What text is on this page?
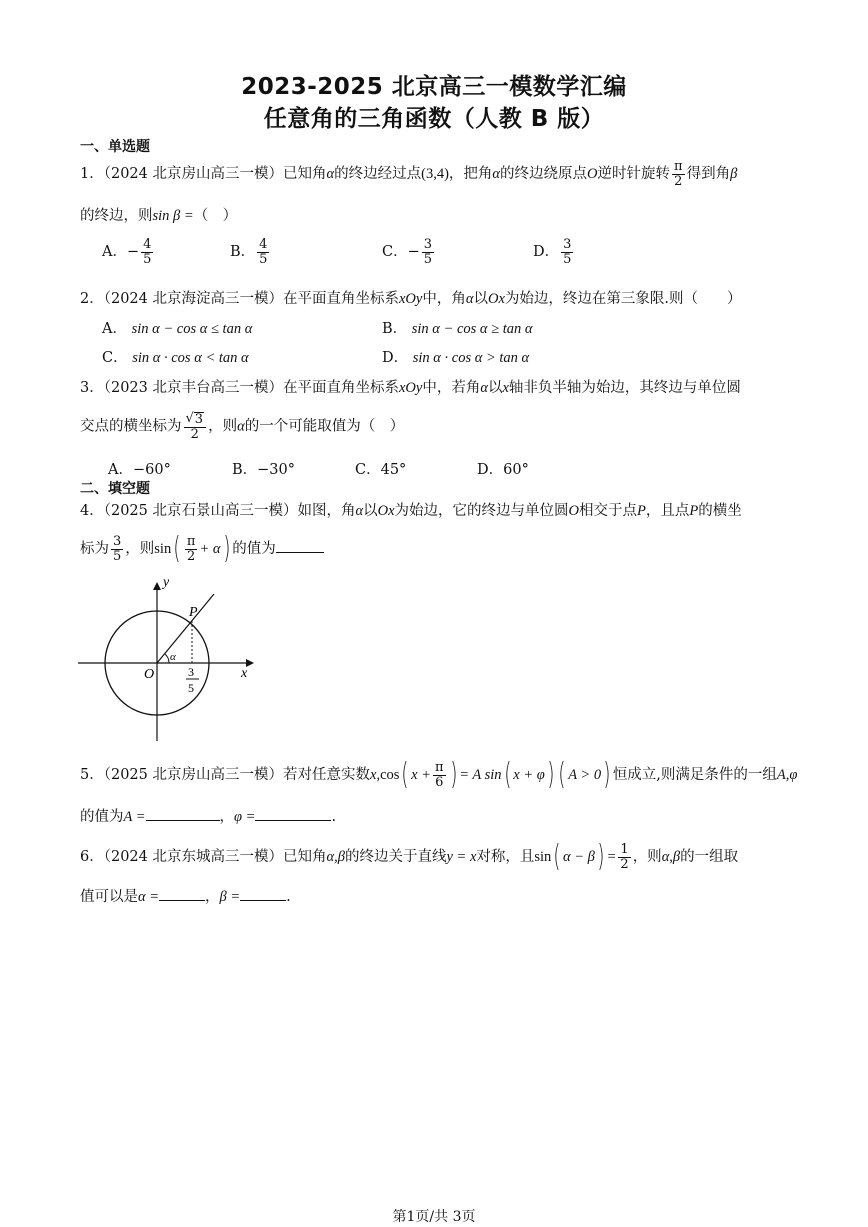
2023-2025 北京高三一模数学汇编
任意角的三角函数（人教 B 版）
一、单选题
1．（2024 北京房山高三一模）已知角α的终边经过点(3,4)，把角α的终边绕原点O逆时针旋转 $\frac{\pi}{2}$ 得到角β
的终边，则sin β =（　）
A．− $\frac{4}{5}$	B． $\frac{4}{5}$	C．− $\frac{3}{5}$	D． $\frac{3}{5}$
2．（2024 北京海淀高三一模）在平面直角坐标系xOy中，角α以Ox为始边，终边在第三象限.则（　　）
A． sin α − cos α ≤ tan α	B． sin α − cos α ≥ tan α
C． sin α · cos α < tan α	D． sin α · cos α > tan α
3．（2023 北京丰台高三一模）在平面直角坐标系xOy中，若角α以x轴非负半轴为始边，其终边与单位圆
交点的横坐标为 $\frac{√ 3}{2}$ ，则α的一个可能取值为（　）
A．−60°	B．−30°	C．45°	D．60°
二、填空题
4．（2025 北京石景山高三一模）如图，角α以Ox为始边，它的终边与单位圆O相交于点P，且点P的横坐
标为 $\frac{3}{5}$ ，则$\sin( \frac{\pi}{2} + \alpha)$ 的值为
y
x
O
P
α
3
5
5．（2025 北京房山高三一模）若对任意实数x,cos( $x + \frac{\pi}{6}$ ) = A sin( x + φ) ( A > 0) 恒成立,则满足条件的一组A,φ
的值为A =	，φ =	.
6．（2024 北京东城高三一模）已知角α,β的终边关于直线y = x对称，且sin( $\alpha - \beta) = \frac{1}{2}$ ，则α,β的一组取
值可以是α =	，β =	.
第1页/共 3页
